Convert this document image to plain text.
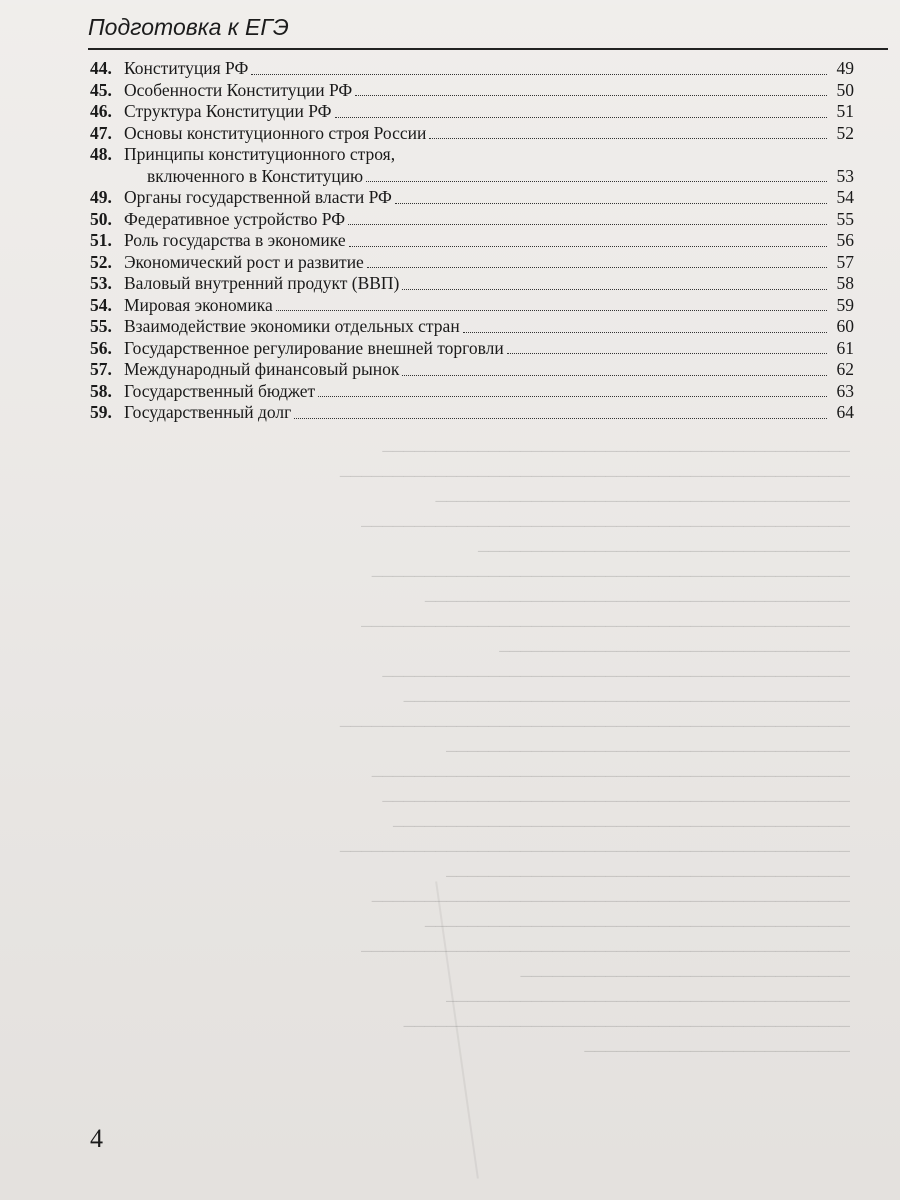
Подготовка к ЕГЭ
────────────────────────────────────────────
────────────────────────────────────────────────
───────────────────────────────────────
──────────────────────────────────────────────
───────────────────────────────────
─────────────────────────────────────────────
────────────────────────────────────────
──────────────────────────────────────────────
─────────────────────────────────
────────────────────────────────────────────
──────────────────────────────────────────
────────────────────────────────────────────────
──────────────────────────────────────
─────────────────────────────────────────────
────────────────────────────────────────────
───────────────────────────────────────────
────────────────────────────────────────────────
──────────────────────────────────────
─────────────────────────────────────────────
────────────────────────────────────────
──────────────────────────────────────────────
───────────────────────────────
──────────────────────────────────────
──────────────────────────────────────────
─────────────────────────
44. Конституция РФ	49
45. Особенности Конституции РФ	50
46. Структура Конституции РФ	51
47. Основы конституционного строя России	52
48. Принципы конституционного строя,
включенного в Конституцию	53
49. Органы государственной власти РФ	54
50. Федеративное устройство РФ	55
51. Роль государства в экономике	56
52. Экономический рост и развитие	57
53. Валовый внутренний продукт (ВВП)	58
54. Мировая экономика	59
55. Взаимодействие экономики отдельных стран	60
56. Государственное регулирование внешней торговли	61
57. Международный финансовый рынок	62
58. Государственный бюджет	63
59. Государственный долг	64
4
